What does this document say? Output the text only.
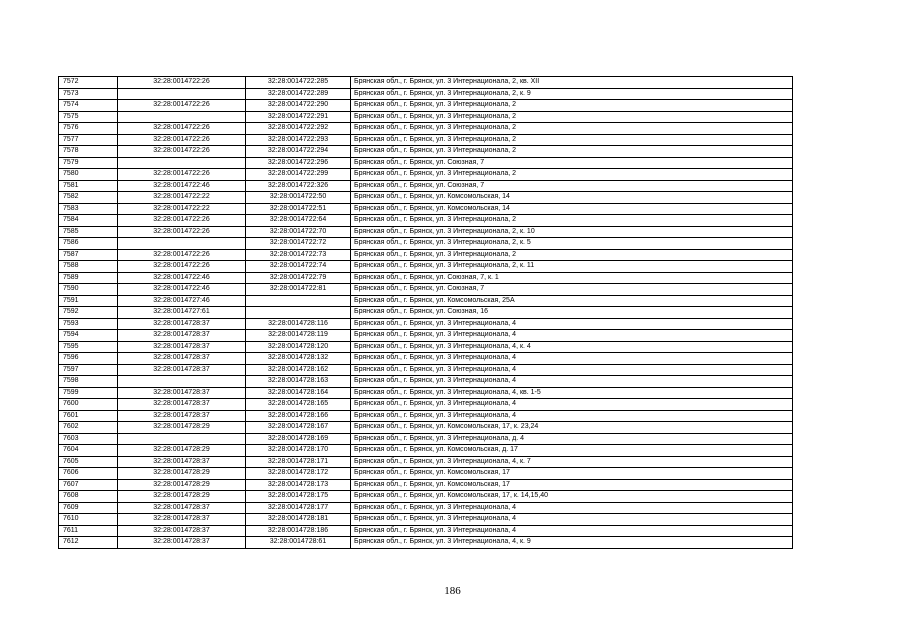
7572	32:28:0014722:26	32:28:0014722:285	Брянская обл., г. Брянск, ул. 3 Интернационала, 2, кв. XII
7573		32:28:0014722:289	Брянская обл., г. Брянск, ул. 3 Интернационала, 2, к. 9
7574	32:28:0014722:26	32:28:0014722:290	Брянская обл., г. Брянск, ул. 3 Интернационала, 2
7575		32:28:0014722:291	Брянская обл., г. Брянск, ул. 3 Интернационала, 2
7576	32:28:0014722:26	32:28:0014722:292	Брянская обл., г. Брянск, ул. 3 Интернационала, 2
7577	32:28:0014722:26	32:28:0014722:293	Брянская обл., г. Брянск, ул. 3 Интернационала, 2
7578	32:28:0014722:26	32:28:0014722:294	Брянская обл., г. Брянск, ул. 3 Интернационала, 2
7579		32:28:0014722:296	Брянская обл., г. Брянск, ул. Союзная, 7
7580	32:28:0014722:26	32:28:0014722:299	Брянская обл., г. Брянск, ул. 3 Интернационала, 2
7581	32:28:0014722:46	32:28:0014722:326	Брянская обл., г. Брянск, ул. Союзная, 7
7582	32:28:0014722:22	32:28:0014722:50	Брянская обл., г. Брянск, ул. Комсомольская, 14
7583	32:28:0014722:22	32:28:0014722:51	Брянская обл., г. Брянск, ул. Комсомольская, 14
7584	32:28:0014722:26	32:28:0014722:64	Брянская обл., г. Брянск, ул. 3 Интернационала, 2
7585	32:28:0014722:26	32:28:0014722:70	Брянская обл., г. Брянск, ул. 3 Интернационала, 2, к. 10
7586		32:28:0014722:72	Брянская обл., г. Брянск, ул. 3 Интернационала, 2, к. 5
7587	32:28:0014722:26	32:28:0014722:73	Брянская обл., г. Брянск, ул. 3 Интернационала, 2
7588	32:28:0014722:26	32:28:0014722:74	Брянская обл., г. Брянск, ул. 3 Интернационала, 2, к. 11
7589	32:28:0014722:46	32:28:0014722:79	Брянская обл., г. Брянск, ул. Союзная, 7, к. 1
7590	32:28:0014722:46	32:28:0014722:81	Брянская обл., г. Брянск, ул. Союзная, 7
7591	32:28:0014727:46		Брянская обл., г. Брянск, ул. Комсомольская, 25А
7592	32:28:0014727:61		Брянская обл., г. Брянск, ул. Союзная, 16
7593	32:28:0014728:37	32:28:0014728:116	Брянская обл., г. Брянск, ул. 3 Интернационала, 4
7594	32:28:0014728:37	32:28:0014728:119	Брянская обл., г. Брянск, ул. 3 Интернационала, 4
7595	32:28:0014728:37	32:28:0014728:120	Брянская обл., г. Брянск, ул. 3 Интернационала, 4, к. 4
7596	32:28:0014728:37	32:28:0014728:132	Брянская обл., г. Брянск, ул. 3 Интернационала, 4
7597	32:28:0014728:37	32:28:0014728:162	Брянская обл., г. Брянск, ул. 3 Интернационала, 4
7598		32:28:0014728:163	Брянская обл., г. Брянск, ул. 3 Интернационала, 4
7599	32:28:0014728:37	32:28:0014728:164	Брянская обл., г. Брянск, ул. 3 Интернационала, 4, кв. 1-5
7600	32:28:0014728:37	32:28:0014728:165	Брянская обл., г. Брянск, ул. 3 Интернационала, 4
7601	32:28:0014728:37	32:28:0014728:166	Брянская обл., г. Брянск, ул. 3 Интернационала, 4
7602	32:28:0014728:29	32:28:0014728:167	Брянская обл., г. Брянск, ул. Комсомольская, 17, к. 23,24
7603		32:28:0014728:169	Брянская обл., г. Брянск, ул. 3 Интернационала, д. 4
7604	32:28:0014728:29	32:28:0014728:170	Брянская обл., г. Брянск, ул. Комсомольская, д. 17
7605	32:28:0014728:37	32:28:0014728:171	Брянская обл., г. Брянск, ул. 3 Интернационала, 4, к. 7
7606	32:28:0014728:29	32:28:0014728:172	Брянская обл., г. Брянск, ул. Комсомольская, 17
7607	32:28:0014728:29	32:28:0014728:173	Брянская обл., г. Брянск, ул. Комсомольская, 17
7608	32:28:0014728:29	32:28:0014728:175	Брянская обл., г. Брянск, ул. Комсомольская, 17, к. 14,15,40
7609	32:28:0014728:37	32:28:0014728:177	Брянская обл., г. Брянск, ул. 3 Интернационала, 4
7610	32:28:0014728:37	32:28:0014728:181	Брянская обл., г. Брянск, ул. 3 Интернационала, 4
7611	32:28:0014728:37	32:28:0014728:186	Брянская обл., г. Брянск, ул. 3 Интернационала, 4
7612	32:28:0014728:37	32:28:0014728:61	Брянская обл., г. Брянск, ул. 3 Интернационала, 4, к. 9
186
